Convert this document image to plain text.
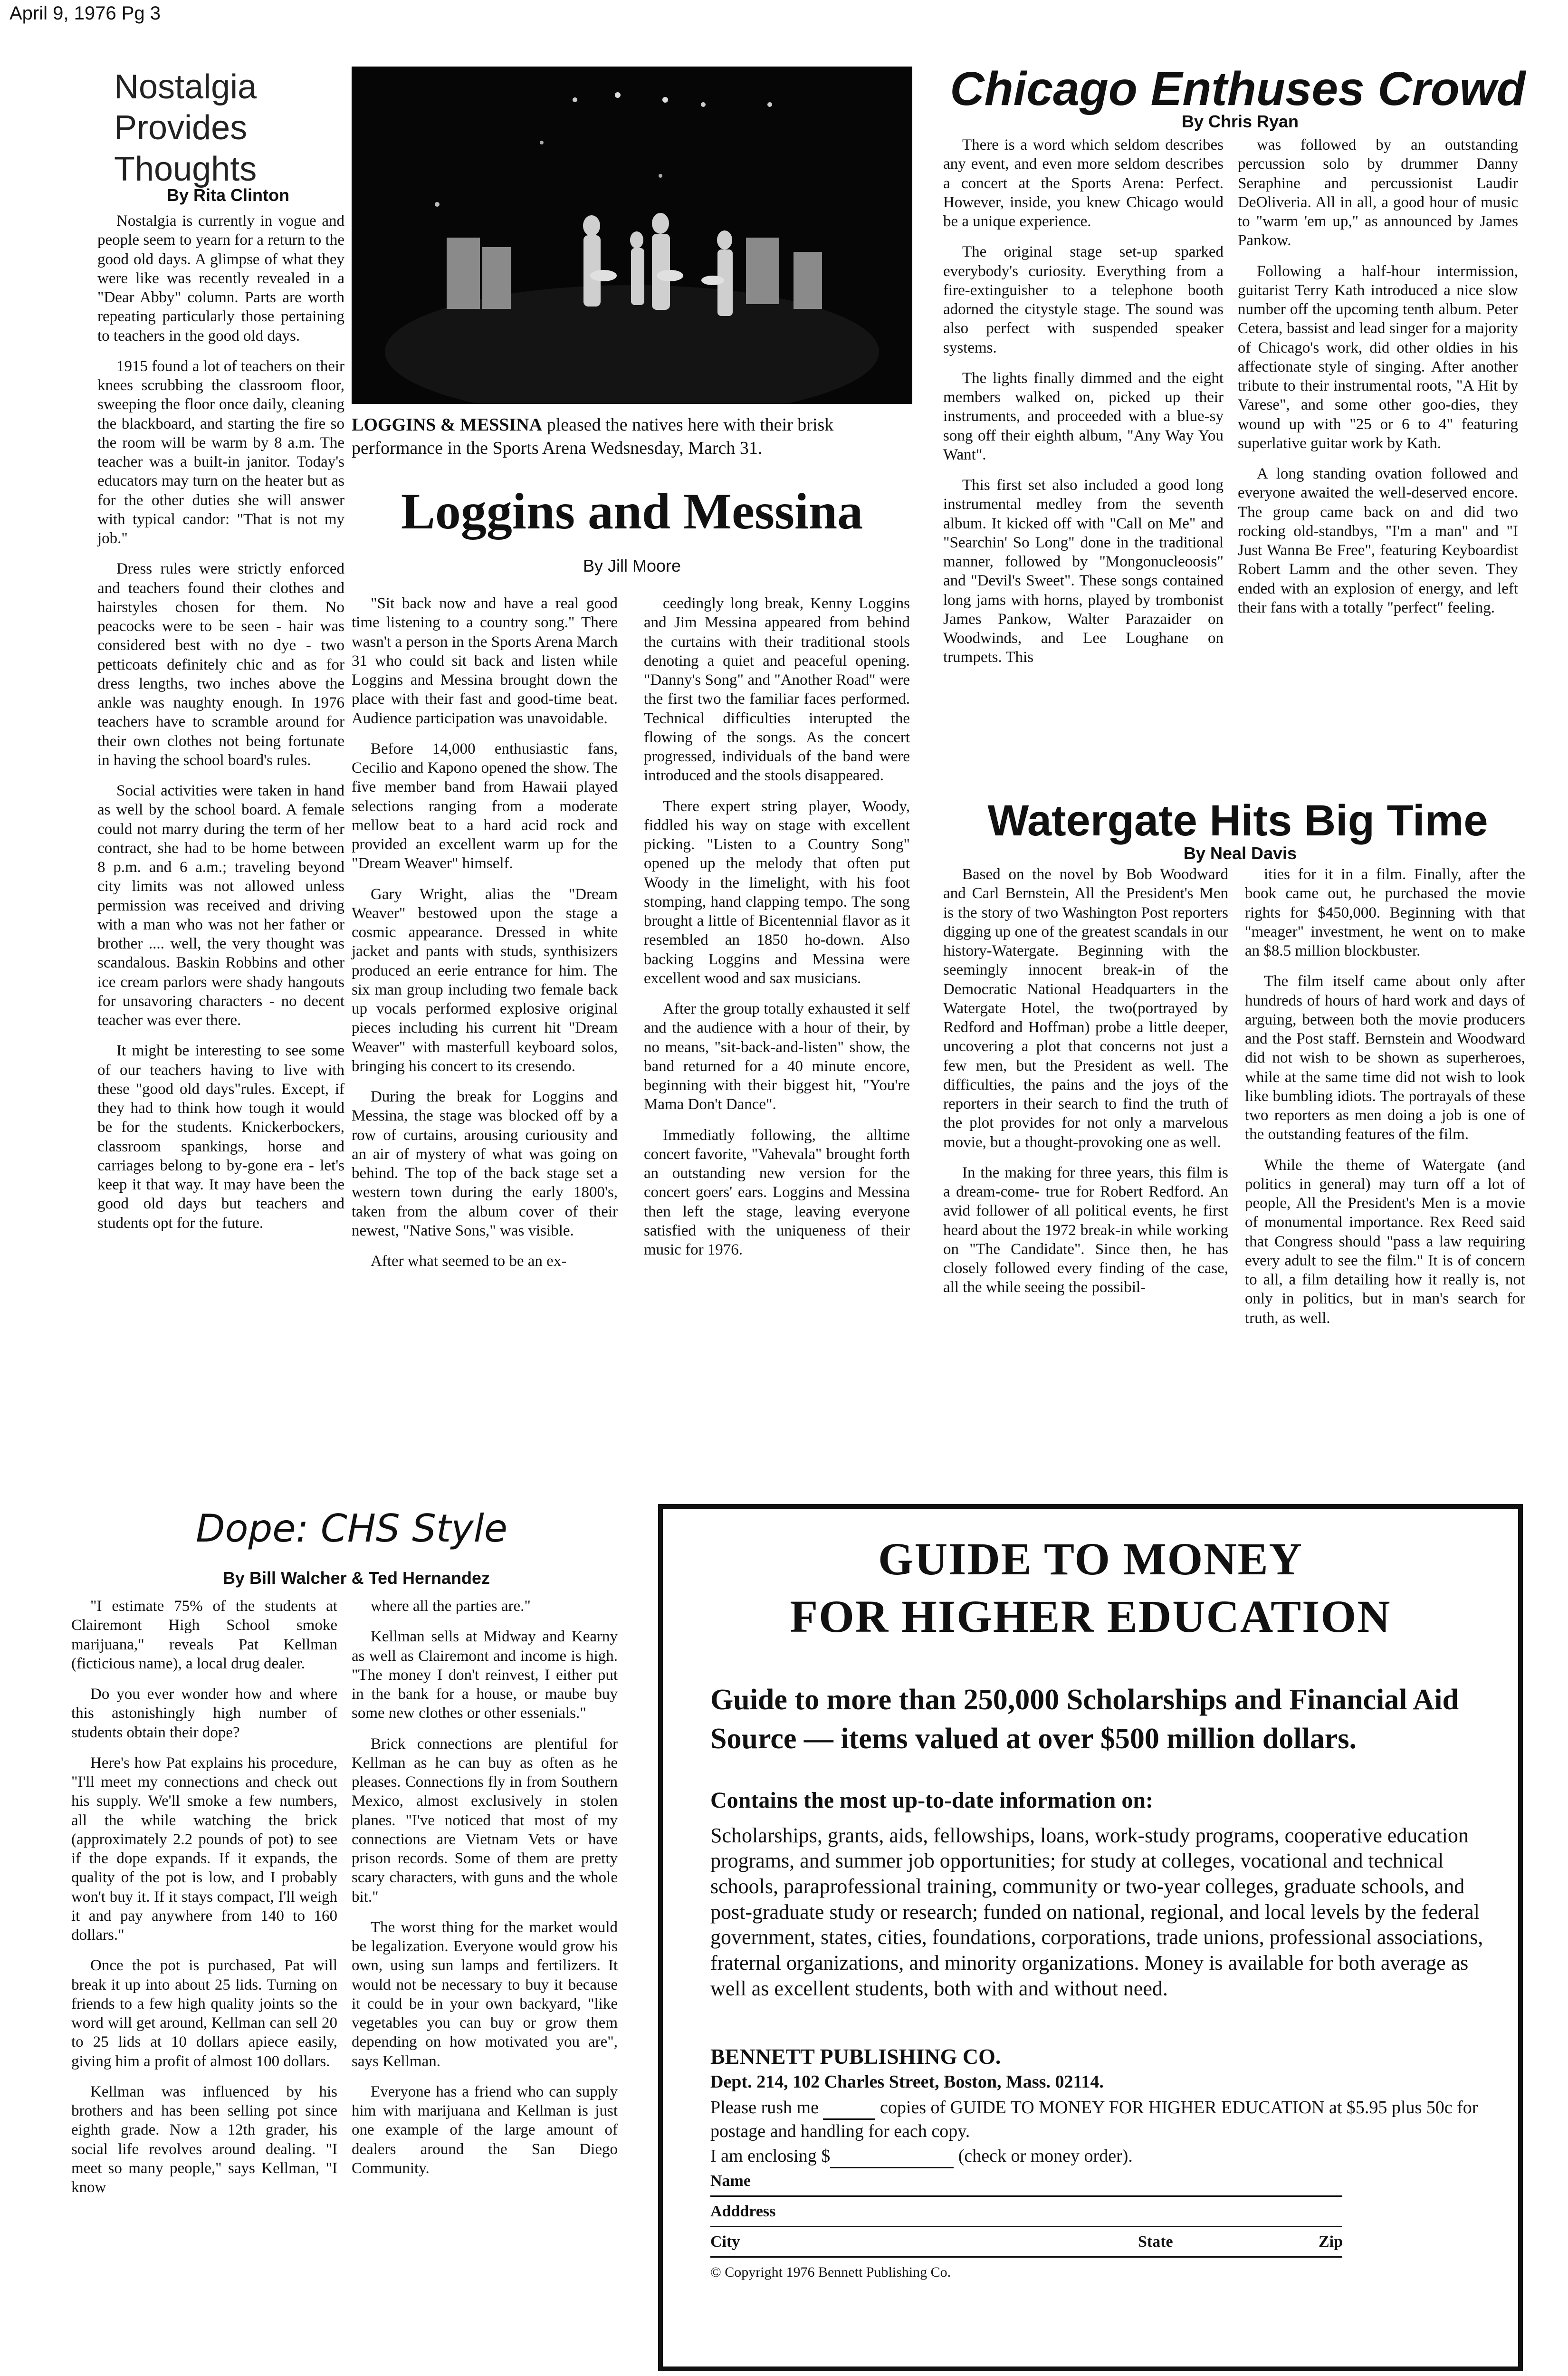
April 9, 1976 Pg 3
Nostalgia
Provides
Thoughts
By Rita Clinton

Nostalgia is currently in vogue and people seem to yearn for a return to the good old days. A glimpse of what they were like was recently revealed in a "Dear Abby" column. Parts are worth repeating particularly those pertaining to teachers in the good old days.

1915 found a lot of teachers on their knees scrubbing the classroom floor, sweeping the floor once daily, cleaning the blackboard, and starting the fire so the room will be warm by 8 a.m. The teacher was a built-in janitor. Today's educators may turn on the heater but as for the other duties she will answer with typical candor: "That is not my job."

Dress rules were strictly enforced and teachers found their clothes and hairstyles chosen for them. No peacocks were to be seen - hair was considered best with no dye - two petticoats definitely chic and as for dress lengths, two inches above the ankle was naughty enough. In 1976 teachers have to scramble around for their own clothes not being fortunate in having the school board's rules.

Social activities were taken in hand as well by the school board. A female could not marry during the term of her contract, she had to be home between 8 p.m. and 6 a.m.; traveling beyond city limits was not allowed unless permission was received and driving with a man who was not her father or brother .... well, the very thought was scandalous. Baskin Robbins and other ice cream parlors were shady hangouts for unsavoring characters - no decent teacher was ever there.

It might be interesting to see some of our teachers having to live with these "good old days"rules. Except, if they had to think how tough it would be for the students. Knickerbockers, classroom spankings, horse and carriages belong to by-gone era - let's keep it that way. It may have been the good old days but teachers and students opt for the future.

LOGGINS & MESSINA pleased the natives here with their brisk performance in the Sports Arena Wedsnesday, March 31.
Loggins and Messina
By Jill Moore

"Sit back now and have a real good time listening to a country song." There wasn't a person in the Sports Arena March 31 who could sit back and listen while Loggins and Messina brought down the place with their fast and good-time beat. Audience participation was unavoidable.

Before 14,000 enthusiastic fans, Cecilio and Kapono opened the show. The five member band from Hawaii played selections ranging from a moderate mellow beat to a hard acid rock and provided an excellent warm up for the "Dream Weaver" himself.

Gary Wright, alias the "Dream Weaver" bestowed upon the stage a cosmic appearance. Dressed in white jacket and pants with studs, synthisizers produced an eerie entrance for him. The six man group including two female back up vocals performed explosive original pieces including his current hit "Dream Weaver" with masterfull keyboard solos, bringing his concert to its cresendo.

During the break for Loggins and Messina, the stage was blocked off by a row of curtains, arousing curiousity and an air of mystery of what was going on behind. The top of the back stage set a western town during the early 1800's, taken from the album cover of their newest, "Native Sons," was visible.

After what seemed to be an ex-

ceedingly long break, Kenny Loggins and Jim Messina appeared from behind the curtains with their traditional stools denoting a quiet and peaceful opening. "Danny's Song" and "Another Road" were the first two the familiar faces performed. Technical difficulties interupted the flowing of the songs. As the concert progressed, individuals of the band were introduced and the stools disappeared.

There expert string player, Woody, fiddled his way on stage with excellent picking. "Listen to a Country Song" opened up the melody that often put Woody in the limelight, with his foot stomping, hand clapping tempo. The song brought a little of Bicentennial flavor as it resembled an 1850 ho-down. Also backing Loggins and Messina were excellent wood and sax musicians.

After the group totally exhausted it self and the audience with a hour of their, by no means, "sit-back-and-listen" show, the band returned for a 40 minute encore, beginning with their biggest hit, "You're Mama Don't Dance".

Immediatly following, the alltime concert favorite, "Vahevala" brought forth an outstanding new version for the concert goers' ears. Loggins and Messina then left the stage, leaving everyone satisfied with the uniqueness of their music for 1976.

Chicago Enthuses Crowd
By Chris Ryan

There is a word which seldom describes any event, and even more seldom describes a concert at the Sports Arena: Perfect. However, inside, you knew Chicago would be a unique experience.

The original stage set-up sparked everybody's curiosity. Everything from a fire-extinguisher to a telephone booth adorned the citystyle stage. The sound was also perfect with suspended speaker systems.

The lights finally dimmed and the eight members walked on, picked up their instruments, and proceeded with a blue-sy song off their eighth album, "Any Way You Want".

This first set also included a good long instrumental medley from the seventh album. It kicked off with "Call on Me" and "Searchin' So Long" done in the traditional manner, followed by "Mongonucleoosis" and "Devil's Sweet". These songs contained long jams with horns, played by trombonist James Pankow, Walter Parazaider on Woodwinds, and Lee Loughane on trumpets. This

was followed by an outstanding percussion solo by drummer Danny Seraphine and percussionist Laudir DeOliveria. All in all, a good hour of music to "warm 'em up," as announced by James Pankow.

Following a half-hour intermission, guitarist Terry Kath introduced a nice slow number off the upcoming tenth album. Peter Cetera, bassist and lead singer for a majority of Chicago's work, did other oldies in his affectionate style of singing. After another tribute to their instrumental roots, "A Hit by Varese", and some other goo-dies, they wound up with "25 or 6 to 4" featuring superlative guitar work by Kath.

A long standing ovation followed and everyone awaited the well-deserved encore. The group came back on and did two rocking old-standbys, "I'm a man" and "I Just Wanna Be Free", featuring Keyboardist Robert Lamm and the other seven. They ended with an explosion of energy, and left their fans with a totally "perfect" feeling.

Watergate Hits Big Time
By Neal Davis

Based on the novel by Bob Woodward and Carl Bernstein, All the President's Men is the story of two Washington Post reporters digging up one of the greatest scandals in our history-Watergate. Beginning with the seemingly innocent break-in of the Democratic National Headquarters in the Watergate Hotel, the two(portrayed by Redford and Hoffman) probe a little deeper, uncovering a plot that concerns not just a few men, but the President as well. The difficulties, the pains and the joys of the reporters in their search to find the truth of the plot provides for not only a marvelous movie, but a thought-provoking one as well.

In the making for three years, this film is a dream-come- true for Robert Redford. An avid follower of all political events, he first heard about the 1972 break-in while working on "The Candidate". Since then, he has closely followed every finding of the case, all the while seeing the possibil-

ities for it in a film. Finally, after the book came out, he purchased the movie rights for $450,000. Beginning with that "meager" investment, he went on to make an $8.5 million blockbuster.

The film itself came about only after hundreds of hours of hard work and days of arguing, between both the movie producers and the Post staff. Bernstein and Woodward did not wish to be shown as superheroes, while at the same time did not wish to look like bumbling idiots. The portrayals of these two reporters as men doing a job is one of the outstanding features of the film.

While the theme of Watergate (and politics in general) may turn off a lot of people, All the President's Men is a movie of monumental importance. Rex Reed said that Congress should "pass a law requiring every adult to see the film." It is of concern to all, a film detailing how it really is, not only in politics, but in man's search for truth, as well.

Dope: CHS Style
By Bill Walcher & Ted Hernandez

"I estimate 75% of the students at Clairemont High School smoke marijuana," reveals Pat Kellman (ficticious name), a local drug dealer.

Do you ever wonder how and where this astonishingly high number of students obtain their dope?

Here's how Pat explains his procedure, "I'll meet my connections and check out his supply. We'll smoke a few numbers, all the while watching the brick (approximately 2.2 pounds of pot) to see if the dope expands. If it expands, the quality of the pot is low, and I probably won't buy it. If it stays compact, I'll weigh it and pay anywhere from 140 to 160 dollars."

Once the pot is purchased, Pat will break it up into about 25 lids. Turning on friends to a few high quality joints so the word will get around, Kellman can sell 20 to 25 lids at 10 dollars apiece easily, giving him a profit of almost 100 dollars.

Kellman was influenced by his brothers and has been selling pot since eighth grade. Now a 12th grader, his social life revolves around dealing. "I meet so many people," says Kellman, "I know

where all the parties are."

Kellman sells at Midway and Kearny as well as Clairemont and income is high. "The money I don't reinvest, I either put in the bank for a house, or maube buy some new clothes or other essenials."

Brick connections are plentiful for Kellman as he can buy as often as he pleases. Connections fly in from Southern Mexico, almost exclusively in stolen planes. "I've noticed that most of my connections are Vietnam Vets or have prison records. Some of them are pretty scary characters, with guns and the whole bit."

The worst thing for the market would be legalization. Everyone would grow his own, using sun lamps and fertilizers. It would not be necessary to buy it because it could be in your own backyard, "like vegetables you can buy or grow them depending on how motivated you are", says Kellman.

Everyone has a friend who can supply him with marijuana and Kellman is just one example of the large amount of dealers around the San Diego Community.

GUIDE TO MONEY
FOR HIGHER EDUCATION
Guide to more than 250,000 Scholarships and Financial Aid Source — items valued at over $500 million dollars.
Contains the most up-to-date information on:
Scholarships, grants, aids, fellowships, loans, work-study programs, cooperative education programs, and summer job opportunities; for study at colleges, vocational and technical schools, paraprofessional training, community or two-year colleges, graduate schools, and post-graduate study or research; funded on national, regional, and local levels by the federal government, states, cities, foundations, corporations, trade unions, professional associations, fraternal organizations, and minority organizations. Money is available for both average as well as excellent students, both with and without need.
BENNETT PUBLISHING CO.
Dept. 214, 102 Charles Street, Boston, Mass. 02114.
Please rush me	copies of GUIDE TO MONEY FOR HIGHER EDUCATION at $5.95 plus 50c for postage and handling for each copy.
I am enclosing $	(check or money order).
Name
Adddress
City	State	Zip
© Copyright 1976 Bennett Publishing Co.
